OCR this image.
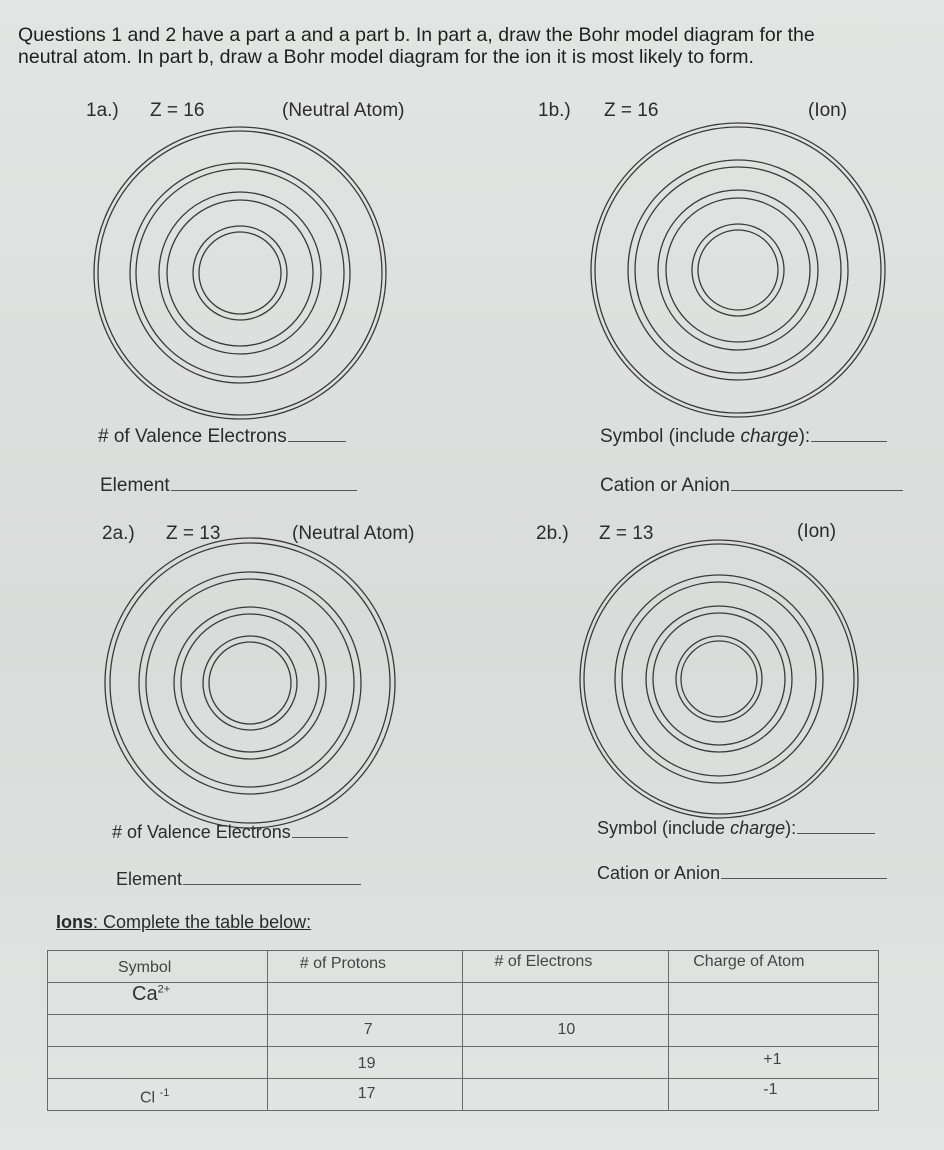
Questions 1 and 2 have a part a and a part b. In part a, draw the Bohr model diagram for the
neutral atom. In part b, draw a Bohr model diagram for the ion it is most likely to form.
1a.) Z = 16	(Neutral Atom)	1b.) Z = 16	(Ion)
# of Valence Electrons
Element
Symbol (include charge):
Cation or Anion
2a.) Z = 13	(Neutral Atom)	2b.) Z = 13	(Ion)
# of Valence Electrons
Element
Symbol (include charge):
Cation or Anion
Ions: Complete the table below:
Symbol	# of Protons	# of Electrons	Charge of Atom

$Ca^{2+}$

	7	10	

	19		+1

Cl $^{-1}$	17		-1
